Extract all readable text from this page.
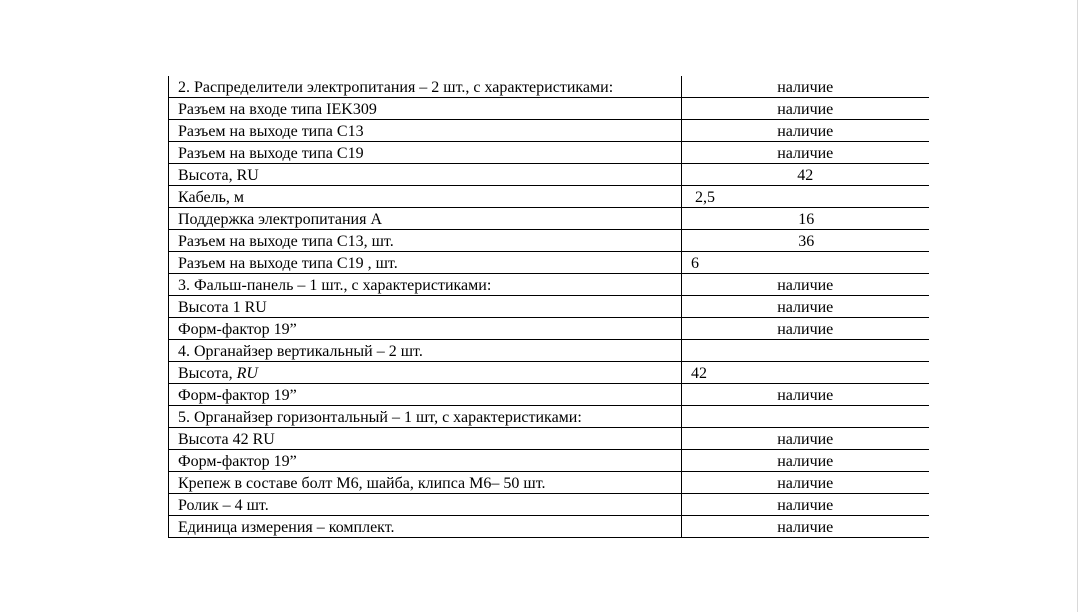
2. Распределители электропитания – 2 шт., с характеристиками:	наличие
Разъем на входе типа IEK309	наличие
Разъем на выходе типа C13	наличие
Разъем на выходе типа C19	наличие
Высота, RU	42
Кабель, м	2,5
Поддержка электропитания A	16
Разъем на выходе типа C13, шт.	36
Разъем на выходе типа C19 , шт.	6
3. Фальш-панель – 1 шт., с характеристиками:	наличие
Высота 1 RU	наличие
Форм-фактор 19”	наличие
4. Органайзер вертикальный – 2 шт.	
Высота, RU	42
Форм-фактор 19”	наличие
5. Органайзер горизонтальный – 1 шт, с характеристиками:	
Высота 42 RU	наличие
Форм-фактор 19”	наличие
Крепеж в составе болт М6, шайба, клипса М6– 50 шт.	наличие
Ролик – 4 шт.	наличие
Единица измерения – комплект.	наличие
